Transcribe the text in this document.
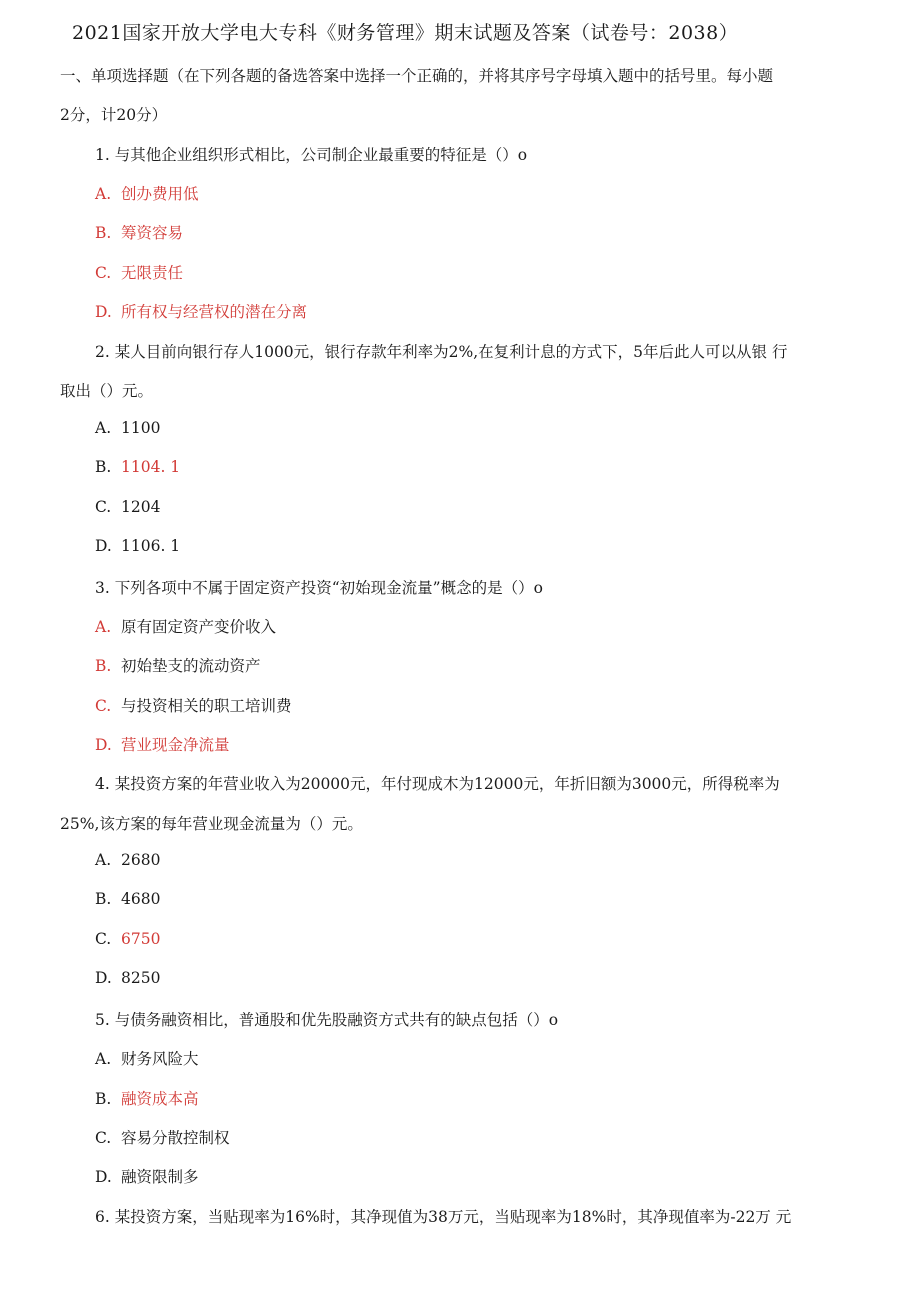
2021国家开放大学电大专科《财务管理》期末试题及答案（试卷号：2038）
一、单项选择题（在下列各题的备选答案中选择一个正确的，并将其序号字母填入题中的括号里。每小题
2分，计20分）
1. 与其他企业组织形式相比，公司制企业最重要的特征是（）o
A. 创办费用低
B. 筹资容易
C. 无限责任
D. 所有权与经营权的潜在分离
2. 某人目前向银行存人1000元，银行存款年利率为2%,在复利计息的方式下，5年后此人可以从银 行
取出（）元。
A. 1100
B. 1104. 1
C. 1204
D. 1106. 1
3. 下列各项中不属于固定资产投资“初始现金流量”概念的是（）o
A. 原有固定资产变价收入
B. 初始垫支的流动资产
C. 与投资相关的职工培训费
D. 营业现金净流量
4. 某投资方案的年营业收入为20000元，年付现成木为12000元，年折旧额为3000元，所得税率为
25%,该方案的每年营业现金流量为（）元。
A. 2680
B. 4680
C. 6750
D. 8250
5. 与债务融资相比，普通股和优先股融资方式共有的缺点包括（）o
A. 财务风险大
B. 融资成本高
C. 容易分散控制权
D. 融资限制多
6. 某投资方案，当贴现率为16%时，其净现值为38万元，当贴现率为18%时，其净现值率为-22万 元
